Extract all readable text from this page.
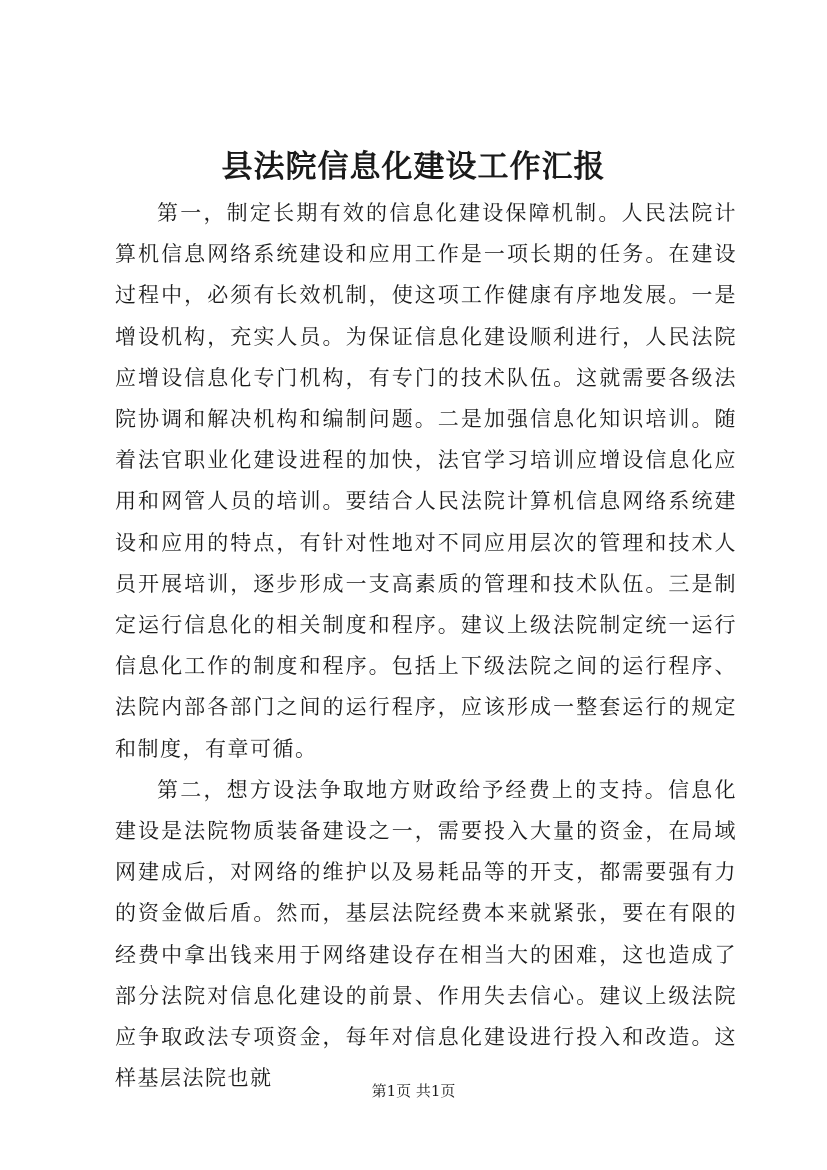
县法院信息化建设工作汇报

第一，制定长期有效的信息化建设保障机制。人民法院计算机信息网络系统建设和应用工作是一项长期的任务。在建设过程中，必须有长效机制，使这项工作健康有序地发展。一是增设机构，充实人员。为保证信息化建设顺利进行，人民法院应增设信息化专门机构，有专门的技术队伍。这就需要各级法院协调和解决机构和编制问题。二是加强信息化知识培训。随着法官职业化建设进程的加快，法官学习培训应增设信息化应用和网管人员的培训。要结合人民法院计算机信息网络系统建设和应用的特点，有针对性地对不同应用层次的管理和技术人员开展培训，逐步形成一支高素质的管理和技术队伍。三是制定运行信息化的相关制度和程序。建议上级法院制定统一运行信息化工作的制度和程序。包括上下级法院之间的运行程序、法院内部各部门之间的运行程序，应该形成一整套运行的规定和制度，有章可循。

第二，想方设法争取地方财政给予经费上的支持。信息化建设是法院物质装备建设之一，需要投入大量的资金，在局域网建成后，对网络的维护以及易耗品等的开支，都需要强有力的资金做后盾。然而，基层法院经费本来就紧张，要在有限的经费中拿出钱来用于网络建设存在相当大的困难，这也造成了部分法院对信息化建设的前景、作用失去信心。建议上级法院应争取政法专项资金，每年对信息化建设进行投入和改造。这样基层法院也就

第1页 共1页
